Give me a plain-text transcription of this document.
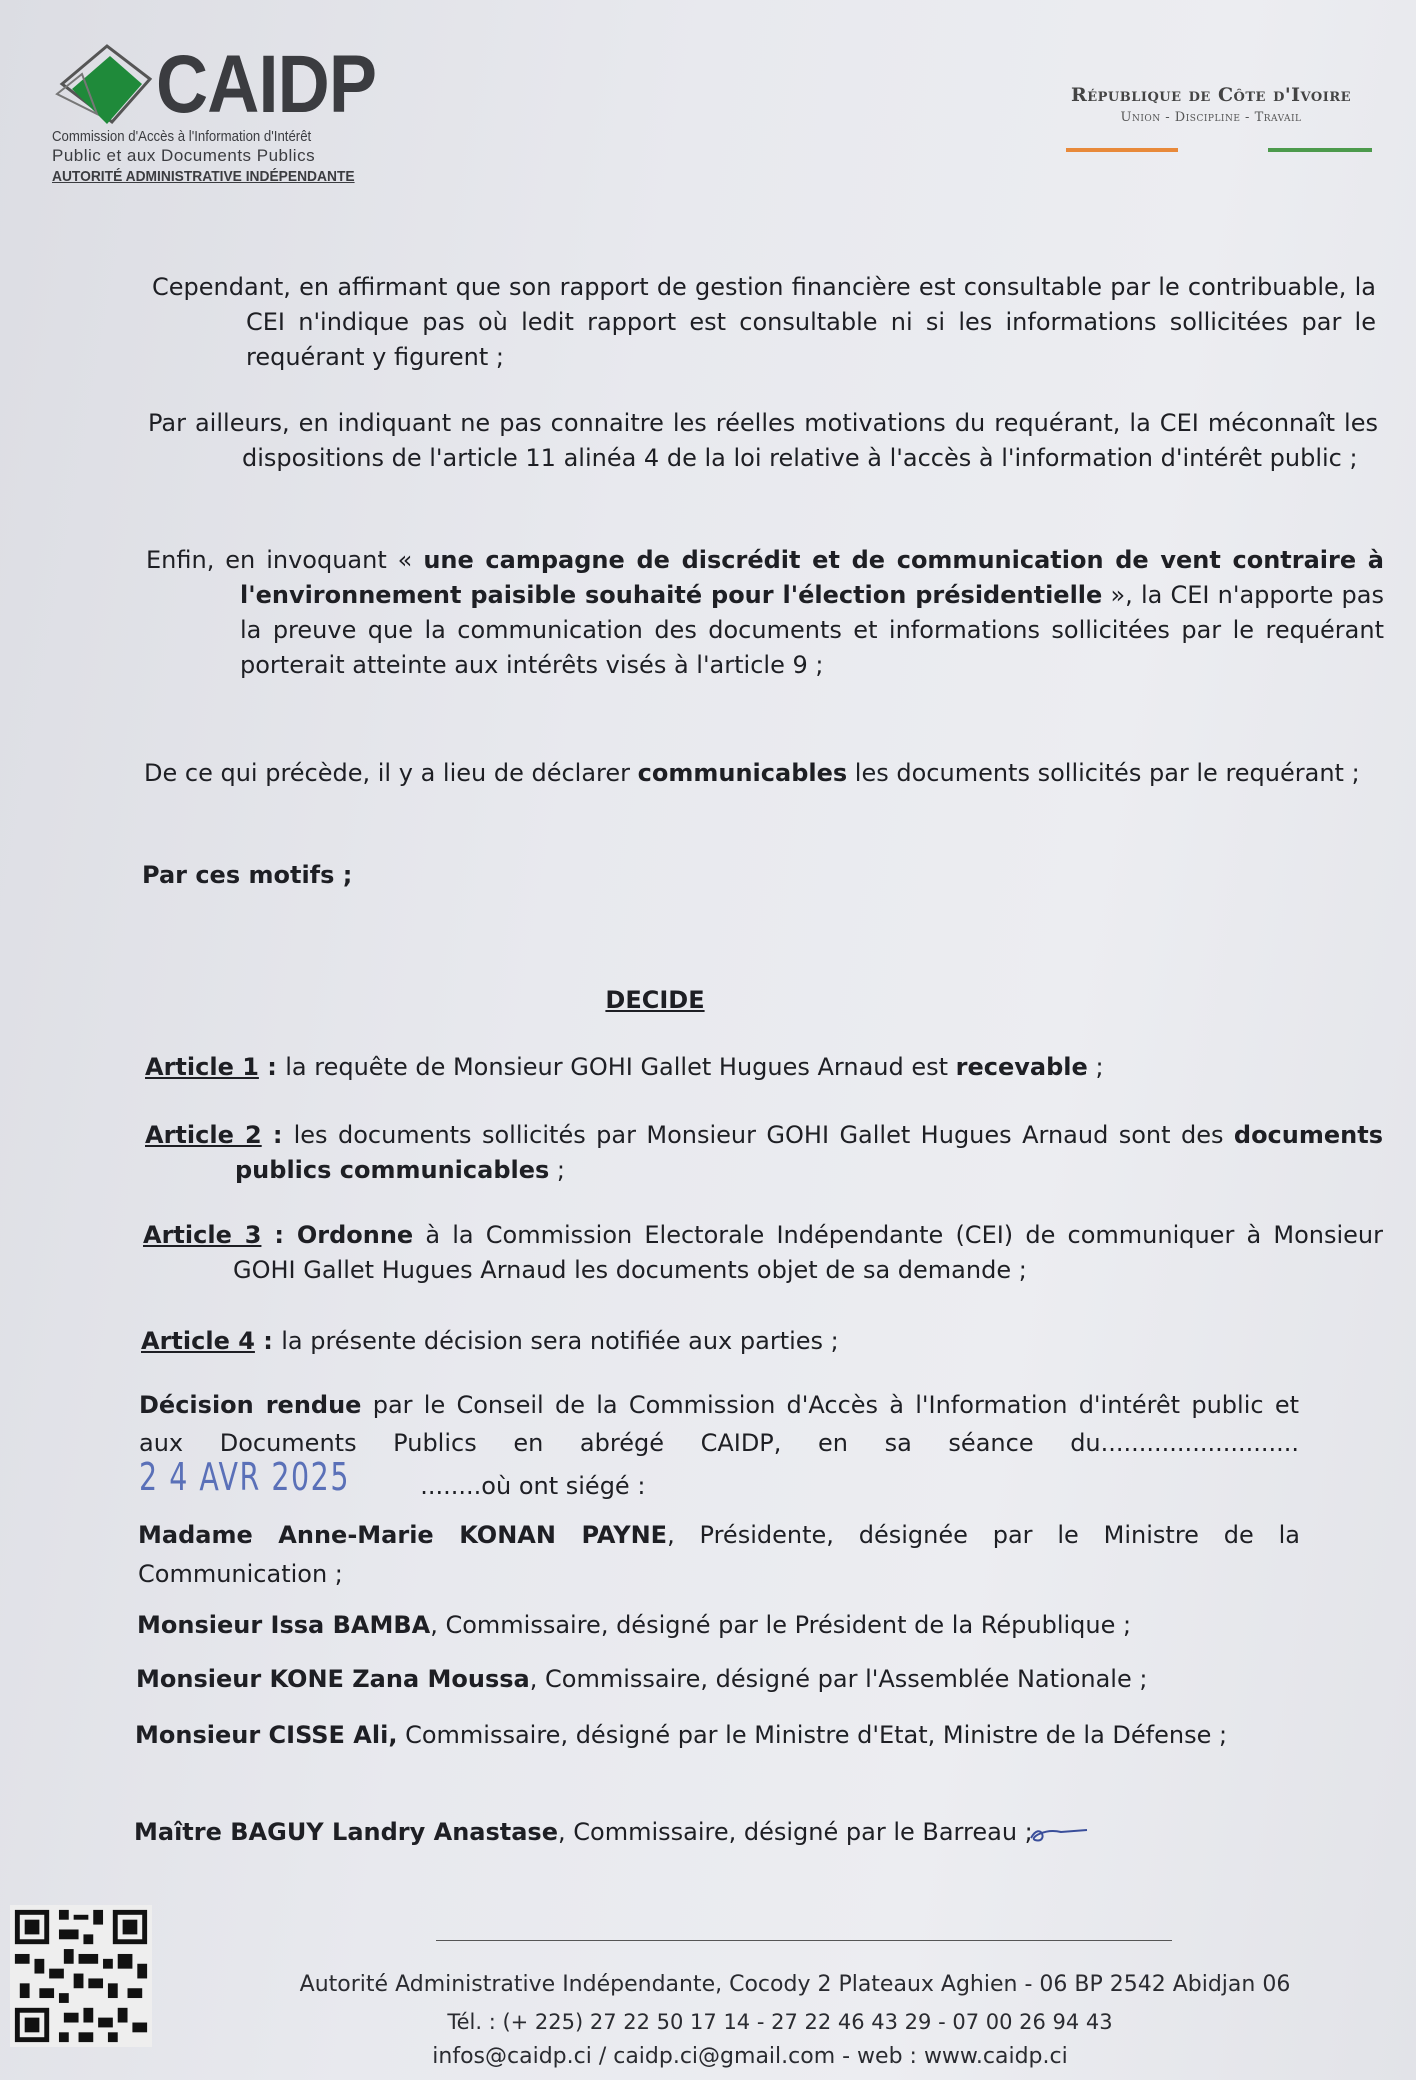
CAIDP
Commission d'Accès à l'Information d'Intérêt
Public et aux Documents Publics
AUTORITÉ ADMINISTRATIVE INDÉPENDANTE
République de Côte d'Ivoire
Union - Discipline - Travail
Cependant, en affirmant que son rapport de gestion financière est consultable par le contribuable, la CEI n'indique pas où ledit rapport est consultable ni si les informations sollicitées par le requérant y figurent ;
Par ailleurs, en indiquant ne pas connaitre les réelles motivations du requérant, la CEI méconnaît les dispositions de l'article 11 alinéa 4 de la loi relative à l'accès à l'information d'intérêt public ;
Enfin, en invoquant « une campagne de discrédit et de communication de vent contraire à l'environnement paisible souhaité pour l'élection présidentielle », la CEI n'apporte pas la preuve que la communication des documents et informations sollicitées par le requérant porterait atteinte aux intérêts visés à l'article 9 ;
De ce qui précède, il y a lieu de déclarer communicables les documents sollicités par le requérant ;
Par ces motifs ;
DECIDE
Article 1 : la requête de Monsieur GOHI Gallet Hugues Arnaud est recevable ;
Article 2 : les documents sollicités par Monsieur GOHI Gallet Hugues Arnaud sont des documents publics communicables ;
Article 3 : Ordonne à la Commission Electorale Indépendante (CEI) de communiquer à Monsieur GOHI Gallet Hugues Arnaud les documents objet de sa demande ;
Article 4 : la présente décision sera notifiée aux parties ;
Décision rendue par le Conseil de la Commission d'Accès à l'Information d'intérêt public et aux Documents Publics en abrégé CAIDP, en sa séance du..........................2 4 AVR 2025	........où ont siégé :
Madame Anne-Marie KONAN PAYNE, Présidente, désignée par le Ministre de la Communication ;
Monsieur Issa BAMBA, Commissaire, désigné par le Président de la République ;
Monsieur KONE Zana Moussa, Commissaire, désigné par l'Assemblée Nationale ;
Monsieur CISSE Ali, Commissaire, désigné par le Ministre d'Etat, Ministre de la Défense ;
Maître BAGUY Landry Anastase, Commissaire, désigné par le Barreau ;
Autorité Administrative Indépendante, Cocody 2 Plateaux Aghien - 06 BP 2542 Abidjan 06
Tél. : (+ 225) 27 22 50 17 14 - 27 22 46 43 29 - 07 00 26 94 43
infos@caidp.ci / caidp.ci@gmail.com - web : www.caidp.ci
